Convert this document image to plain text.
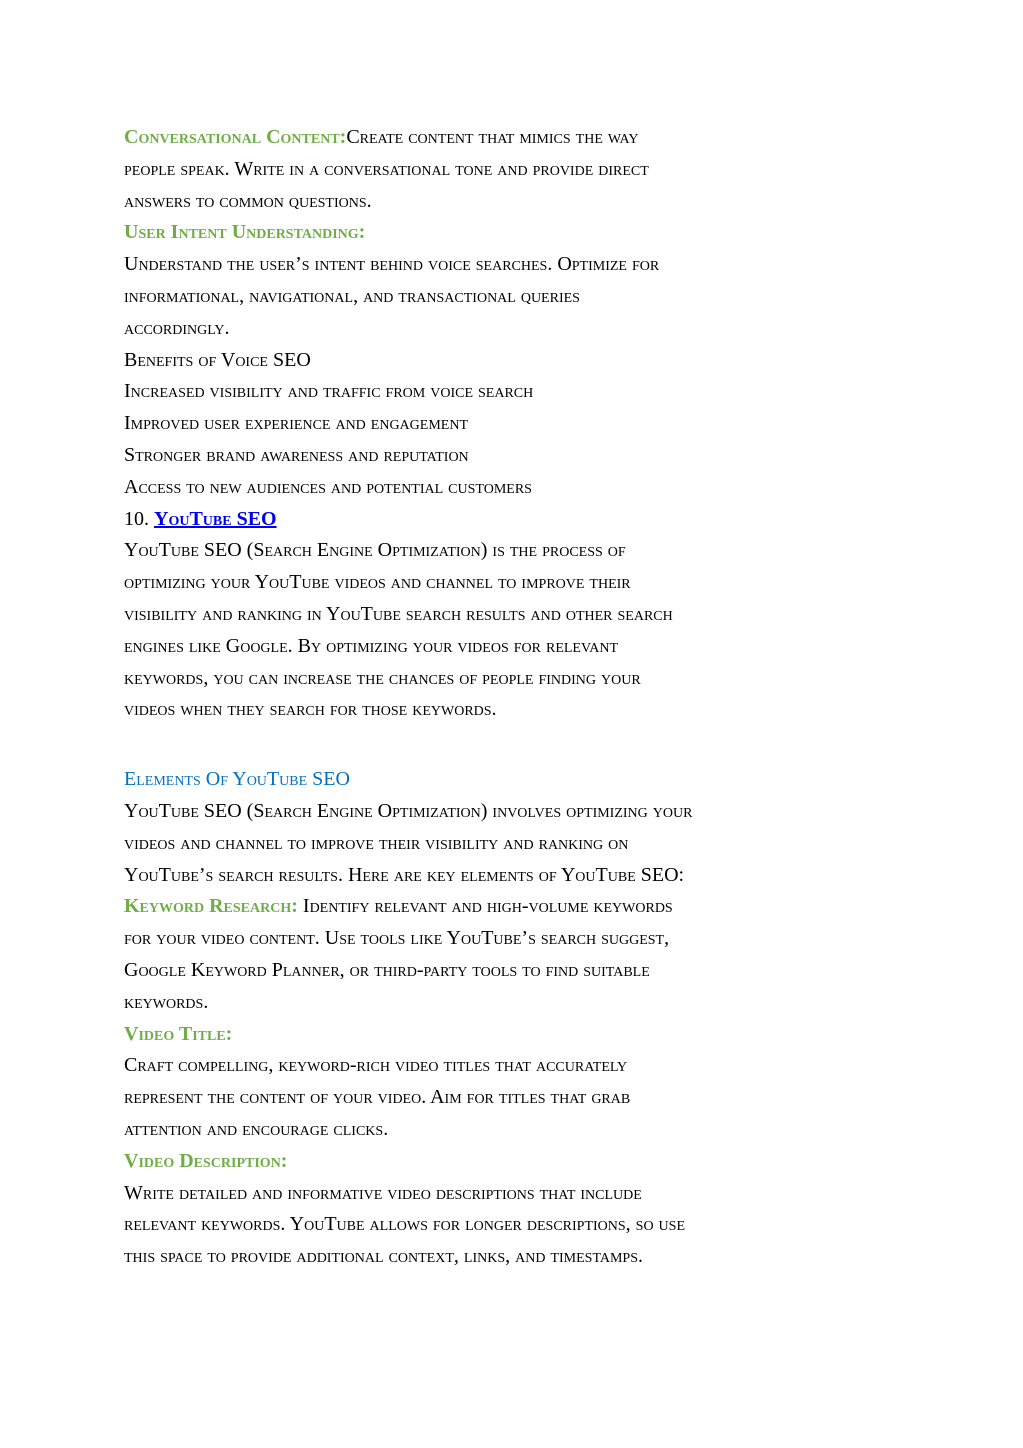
Conversational Content:Create content that mimics the way

people speak. Write in a conversational tone and provide direct

answers to common questions.

User Intent Understanding:

Understand the user’s intent behind voice searches. Optimize for

informational, navigational, and transactional queries

accordingly.

Benefits of Voice SEO

Increased visibility and traffic from voice search

Improved user experience and engagement

Stronger brand awareness and reputation

Access to new audiences and potential customers

10. YouTube SEO

YouTube SEO (Search Engine Optimization) is the process of

optimizing your YouTube videos and channel to improve their

visibility and ranking in YouTube search results and other search

engines like Google. By optimizing your videos for relevant

keywords, you can increase the chances of people finding your

videos when they search for those keywords.

Elements Of YouTube SEO

YouTube SEO (Search Engine Optimization) involves optimizing your

videos and channel to improve their visibility and ranking on

YouTube’s search results. Here are key elements of YouTube SEO:

Keyword Research: Identify relevant and high-volume keywords

for your video content. Use tools like YouTube’s search suggest,

Google Keyword Planner, or third-party tools to find suitable

keywords.

Video Title:

Craft compelling, keyword-rich video titles that accurately

represent the content of your video. Aim for titles that grab

attention and encourage clicks.

Video Description:

Write detailed and informative video descriptions that include

relevant keywords. YouTube allows for longer descriptions, so use

this space to provide additional context, links, and timestamps.
